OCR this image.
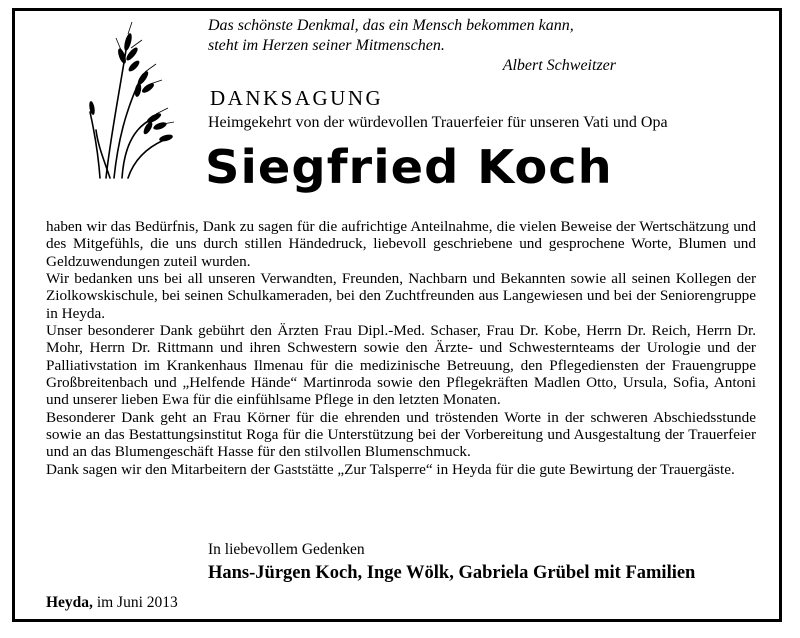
Das schönste Denkmal, das ein Mensch bekommen kann,
steht im Herzen seiner Mitmenschen.
Albert Schweitzer
DANKSAGUNG
Heimgekehrt von der würdevollen Trauerfeier für unseren Vati und Opa
Siegfried Koch

haben wir das Bedürfnis, Dank zu sagen für die aufrichtige Anteilnahme, die vielen Beweise der Wertschätzung und des Mitgefühls, die uns durch stillen Händedruck, liebevoll geschriebene und gesprochene Worte, Blumen und Geldzuwendungen zuteil wurden.

Wir bedanken uns bei all unseren Verwandten, Freunden, Nachbarn und Bekannten sowie all seinen Kollegen der Ziolkowskischule, bei seinen Schulkameraden, bei den Zuchtfreunden aus Langewiesen und bei der Seniorengruppe in Heyda.

Unser besonderer Dank gebührt den Ärzten Frau Dipl.-Med. Schaser, Frau Dr. Kobe, Herrn Dr. Reich, Herrn Dr. Mohr, Herrn Dr. Rittmann und ihren Schwestern sowie den Ärzte- und Schwesternteams der Urologie und der Palliativstation im Krankenhaus Ilmenau für die medizinische Betreuung, den Pflegediensten der Frauengruppe Großbreitenbach und „Helfende Hände“ Martinroda sowie den Pflegekräften Madlen Otto, Ursula, Sofia, Antoni und unserer lieben Ewa für die einfühlsame Pflege in den letzten Monaten.

Besonderer Dank geht an Frau Körner für die ehrenden und tröstenden Worte in der schweren Abschiedsstunde sowie an das Bestattungsinstitut Roga für die Unterstützung bei der Vorbereitung und Ausgestaltung der Trauerfeier und an das Blumengeschäft Hasse für den stilvollen Blumenschmuck.

Dank sagen wir den Mitarbeitern der Gaststätte „Zur Talsperre“ in Heyda für die gute Bewirtung der Trauergäste.

In liebevollem Gedenken
Hans-Jürgen Koch, Inge Wölk, Gabriela Grübel mit Familien
Heyda, im Juni 2013
